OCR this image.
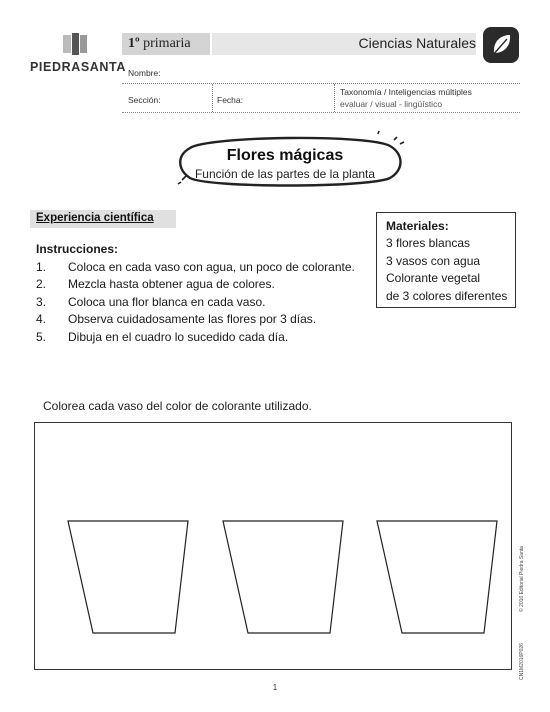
PIEDRASANTA
1º primaria	Ciencias Naturales
Nombre:
Sección:	Fecha:
Taxonomía / Inteligencias múltiples
evaluar / visual - lingüístico
Flores mágicas
Función de las partes de la planta
Experiencia científica
Instrucciones:
1.	Coloca en cada vaso con agua, un poco de colorante.
2.	Mezcla hasta obtener agua de colores.
3.	Coloca una flor blanca en cada vaso.
4.	Observa cuidadosamente las flores por 3 días.
5.	Dibuja en el cuadro lo sucedido cada día.
Materiales:
3 flores blancas
3 vasos con agua
Colorante vegetal
de 3 colores diferentes
Colorea cada vaso del color de colorante utilizado.
© 2016 Editorial Piedra Santa
CN1M2016P026
1
